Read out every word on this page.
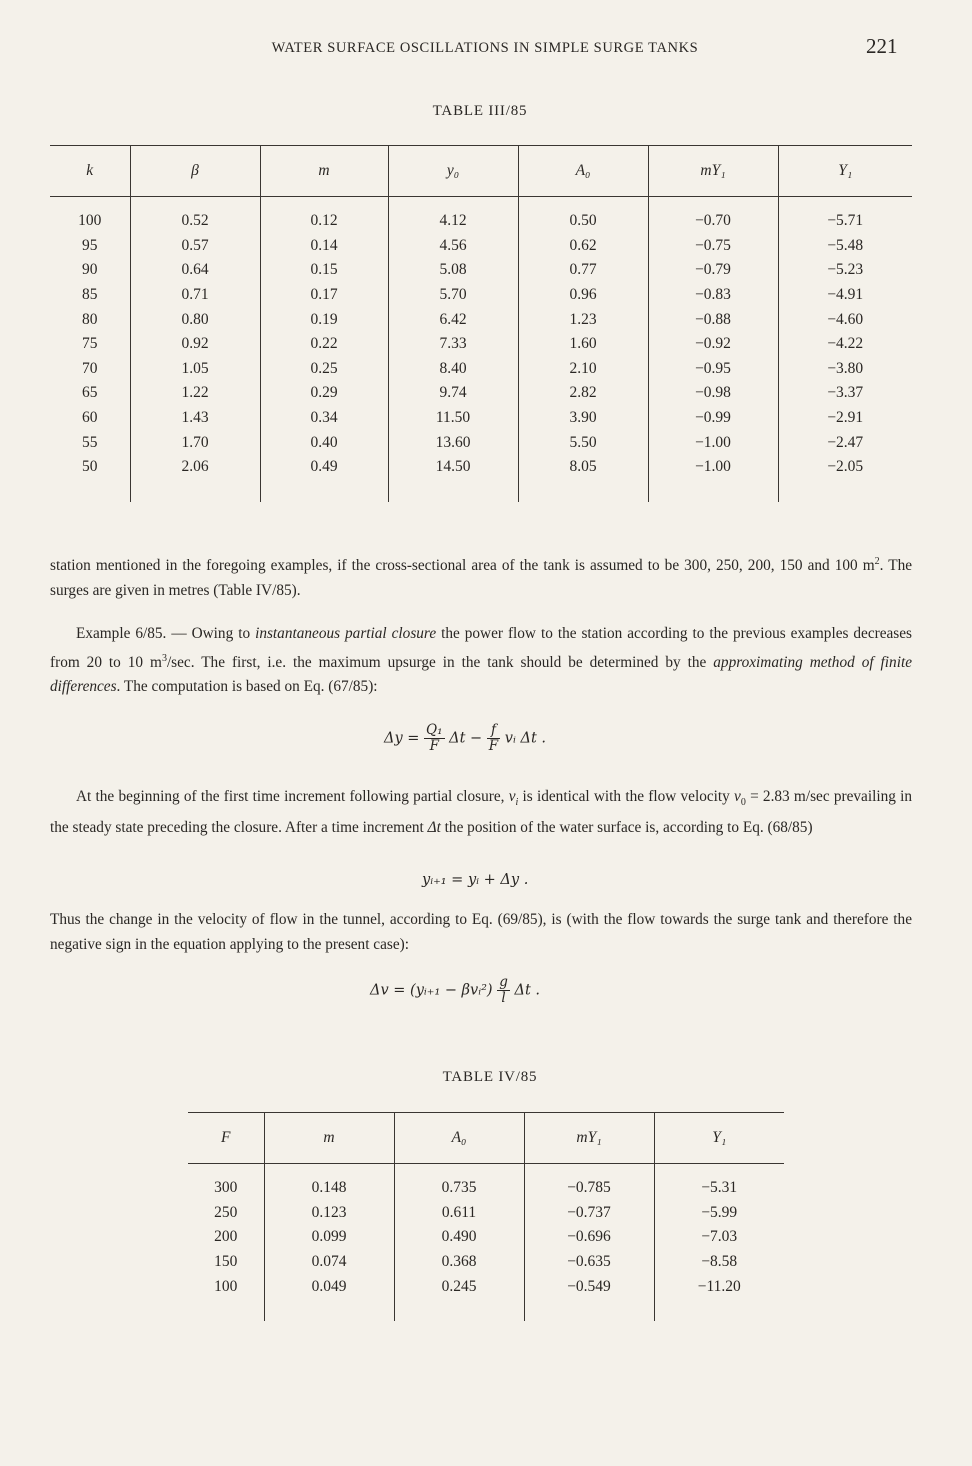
WATER SURFACE OSCILLATIONS IN SIMPLE SURGE TANKS	221
TABLE III/85
k	β	m	y₀	A₀	mY₁	Y₁

100	0.52	0.12	4.12	0.50	−0.70	−5.71
95	0.57	0.14	4.56	0.62	−0.75	−5.48
90	0.64	0.15	5.08	0.77	−0.79	−5.23
85	0.71	0.17	5.70	0.96	−0.83	−4.91
80	0.80	0.19	6.42	1.23	−0.88	−4.60
75	0.92	0.22	7.33	1.60	−0.92	−4.22
70	1.05	0.25	8.40	2.10	−0.95	−3.80
65	1.22	0.29	9.74	2.82	−0.98	−3.37
60	1.43	0.34	11.50	3.90	−0.99	−2.91
55	1.70	0.40	13.60	5.50	−1.00	−2.47
50	2.06	0.49	14.50	8.05	−1.00	−2.05

station mentioned in the foregoing examples, if the cross-sectional area of the tank is assumed to be 300, 250, 200, 150 and 100 $m^2$. The surges are given in metres (Table IV/85).

Example 6/85. — Owing to instantaneous partial closure the power flow to the station according to the previous examples decreases from 20 to 10 $m^3/\sec$. The first, i.e. the maximum upsurge in the tank should be determined by the approximating method of finite differences. The computation is based on Eq. (67/85):

$\Delta y = \frac{\text{Q₁}}{F}$ $\Delta t - \frac{f}{F}$ vᵢ Δt .

At the beginning of the first time increment following partial closure, $v_i$ is identical with the flow velocity $v_0 = 2.83$ m/sec prevailing in the steady state preceding the closure. After a time increment Δt the position of the water surface is, according to Eq. (68/85)

yᵢ₊₁ = yᵢ + Δy .

Thus the change in the velocity of flow in the tunnel, according to Eq. (69/85), is (with the flow towards the surge tank and therefore the negative sign in the equation applying to the present case):

Δv = (yᵢ₊₁ − βvᵢ²) $\frac{g}{l}$ Δt .
TABLE IV/85
F	m	A₀	mY₁	Y₁

300	0.148	0.735	−0.785	−5.31
250	0.123	0.611	−0.737	−5.99
200	0.099	0.490	−0.696	−7.03
150	0.074	0.368	−0.635	−8.58
100	0.049	0.245	−0.549	−11.20
